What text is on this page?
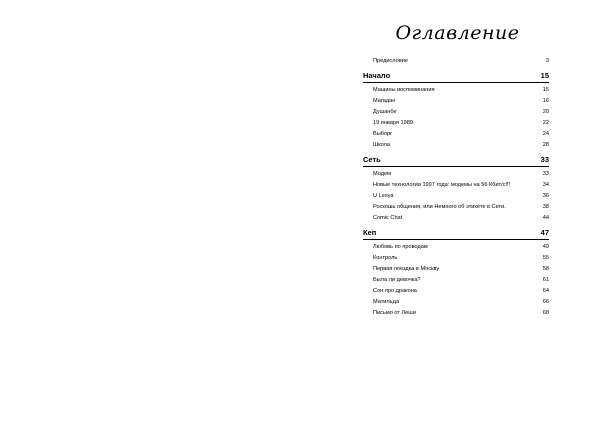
Оглавление
Предисловие	3
Начало	15
Машины воспоминания	15
Магадан	16
Душанбе	20
19 января 1989	22
Выборг	24
Школа	28
Сеть	33
Модем	33
Новые технологии 1997 года: модемы на 56 Кбит/с!!!	34
U Lesya	36
Роскошь общения, или Немного об этикете в Сети.	38
Comic Chat	44
Кеп	47
Любовь по проводам	49
Контроль	55
Первая поездка в Москву	58
Была ли девочка?	61
Сон про дракона	64
Матильда	66
Письмо от Леши	68
